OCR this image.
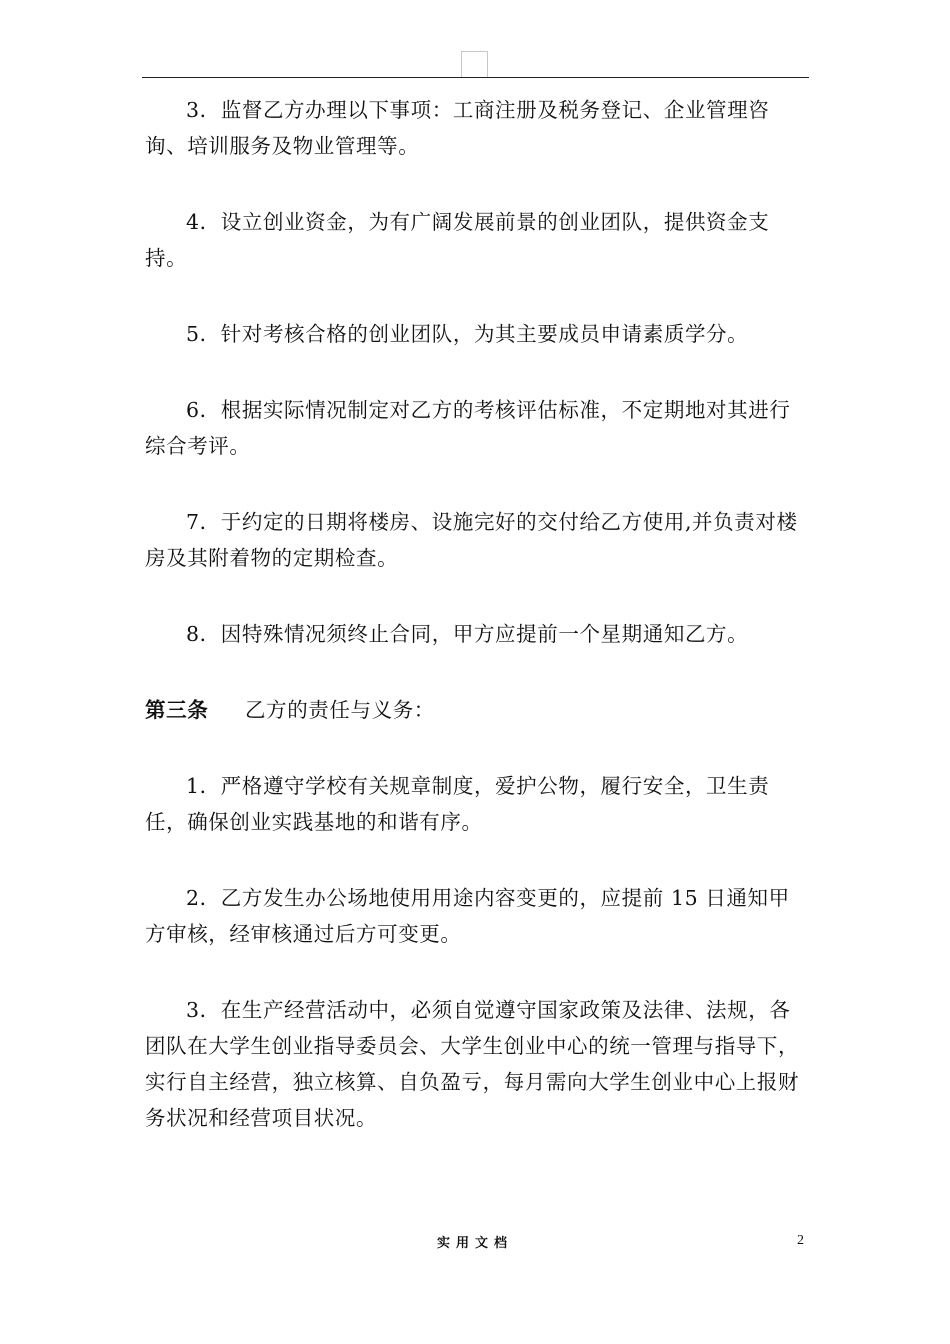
3．监督乙方办理以下事项：工商注册及税务登记、企业管理咨询、培训服务及物业管理等。

4．设立创业资金，为有广阔发展前景的创业团队，提供资金支持。

5．针对考核合格的创业团队，为其主要成员申请素质学分。

6．根据实际情况制定对乙方的考核评估标准，不定期地对其进行综合考评。

7．于约定的日期将楼房、设施完好的交付给乙方使用,并负责对楼房及其附着物的定期检查。

8．因特殊情况须终止合同，甲方应提前一个星期通知乙方。

第三条 乙方的责任与义务：

1．严格遵守学校有关规章制度，爱护公物，履行安全，卫生责任，确保创业实践基地的和谐有序。

2．乙方发生办公场地使用用途内容变更的，应提前 15 日通知甲方审核，经审核通过后方可变更。

3．在生产经营活动中，必须自觉遵守国家政策及法律、法规，各团队在大学生创业指导委员会、大学生创业中心的统一管理与指导下，实行自主经营，独立核算、自负盈亏，每月需向大学生创业中心上报财务状况和经营项目状况。

实用文档	2
